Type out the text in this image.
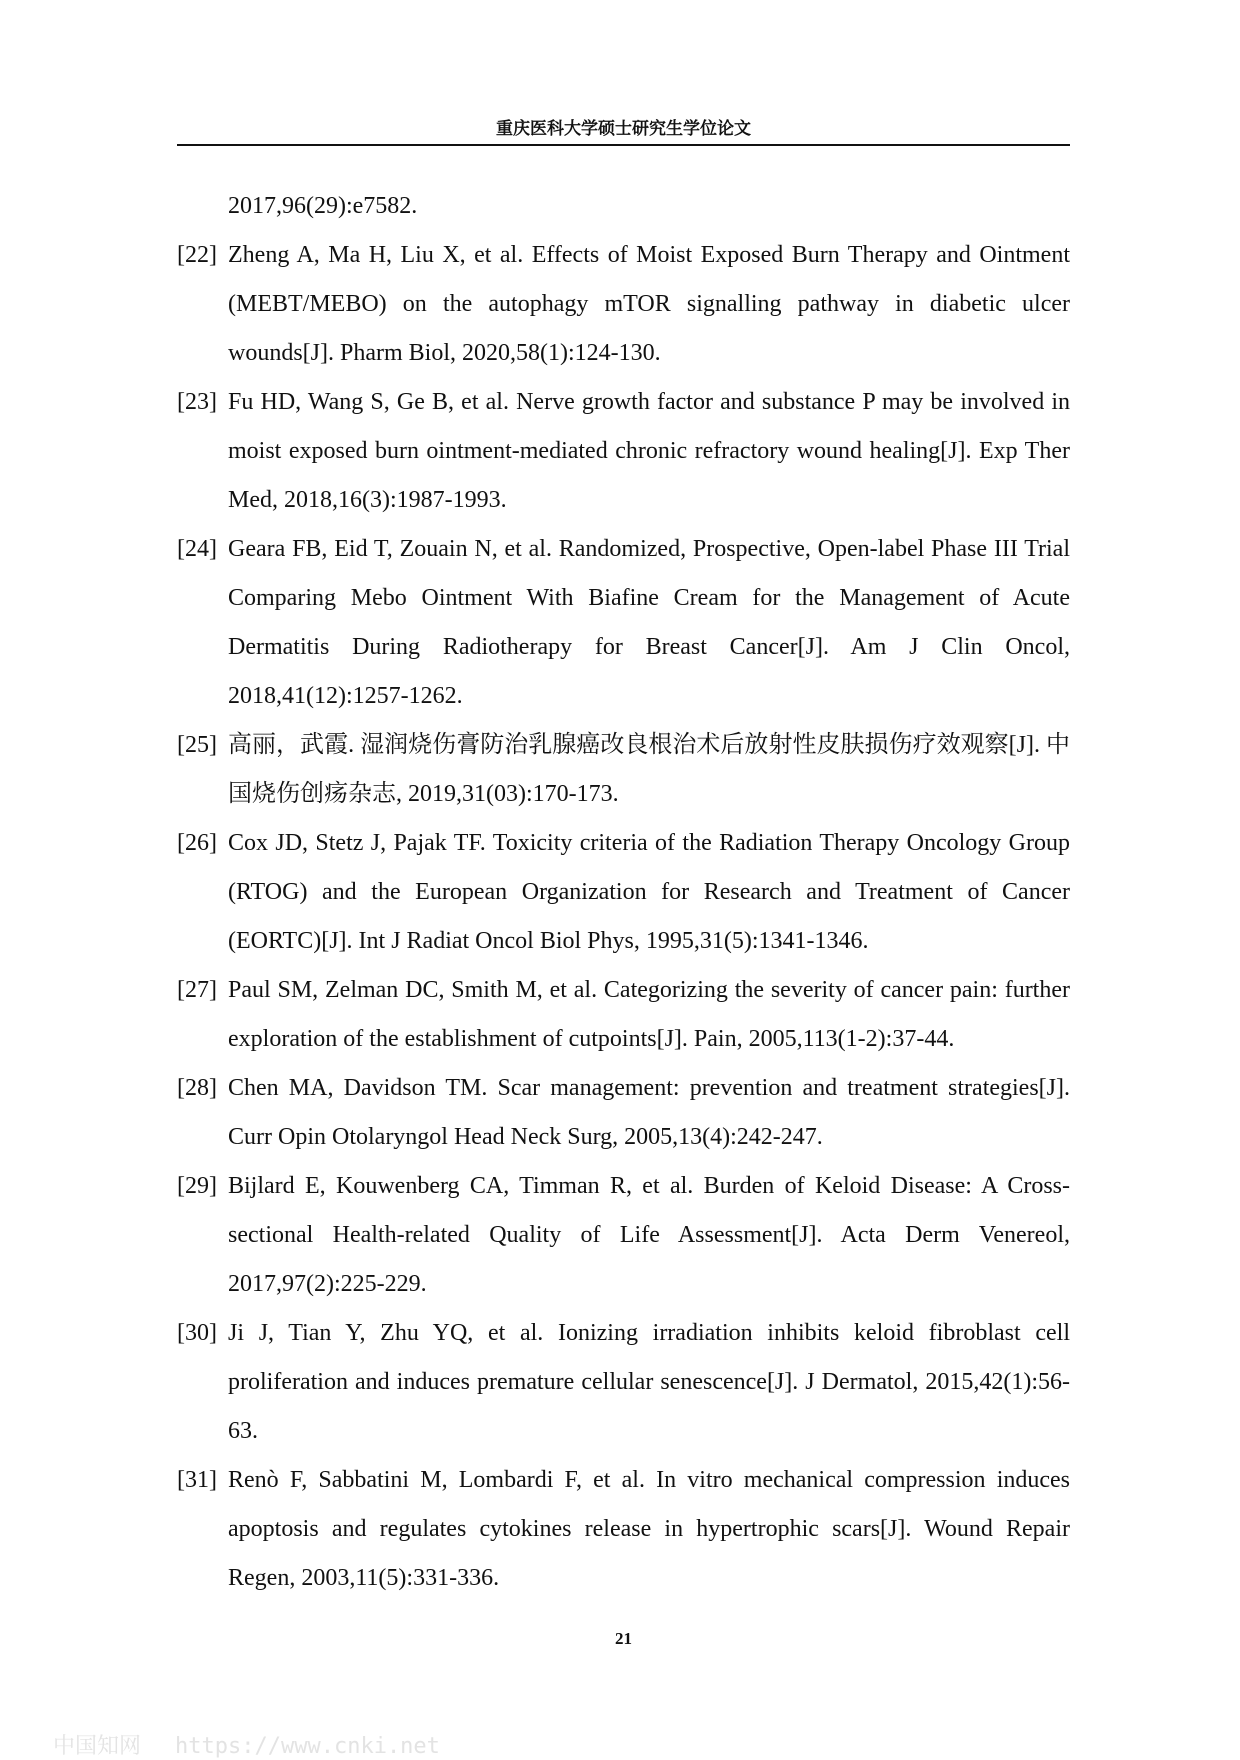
重庆医科大学硕士研究生学位论文
2017,96(29):e7582.
[22] Zheng A, Ma H, Liu X, et al. Effects of Moist Exposed Burn Therapy and Ointment (MEBT/MEBO) on the autophagy mTOR signalling pathway in diabetic ulcer wounds[J]. Pharm Biol, 2020,58(1):124-130.
[23] Fu HD, Wang S, Ge B, et al. Nerve growth factor and substance P may be involved in moist exposed burn ointment-mediated chronic refractory wound healing[J]. Exp Ther Med, 2018,16(3):1987-1993.
[24] Geara FB, Eid T, Zouain N, et al. Randomized, Prospective, Open-label Phase III Trial Comparing Mebo Ointment With Biafine Cream for the Management of Acute Dermatitis During Radiotherapy for Breast Cancer[J]. Am J Clin Oncol, 2018,41(12):1257-1262.
[25] 高丽，武霞. 湿润烧伤膏防治乳腺癌改良根治术后放射性皮肤损伤疗效观察[J]. 中国烧伤创疡杂志, 2019,31(03):170-173.
[26] Cox JD, Stetz J, Pajak TF. Toxicity criteria of the Radiation Therapy Oncology Group (RTOG) and the European Organization for Research and Treatment of Cancer (EORTC)[J]. Int J Radiat Oncol Biol Phys, 1995,31(5):1341-1346.
[27] Paul SM, Zelman DC, Smith M, et al. Categorizing the severity of cancer pain: further exploration of the establishment of cutpoints[J]. Pain, 2005,113(1-2):37-44.
[28] Chen MA, Davidson TM. Scar management: prevention and treatment strategies[J]. Curr Opin Otolaryngol Head Neck Surg, 2005,13(4):242-247.
[29] Bijlard E, Kouwenberg CA, Timman R, et al. Burden of Keloid Disease: A Cross-sectional Health-related Quality of Life Assessment[J]. Acta Derm Venereol, 2017,97(2):225-229.
[30] Ji J, Tian Y, Zhu YQ, et al. Ionizing irradiation inhibits keloid fibroblast cell proliferation and induces premature cellular senescence[J]. J Dermatol, 2015,42(1):56-63.
[31] Renò F, Sabbatini M, Lombardi F, et al. In vitro mechanical compression induces apoptosis and regulates cytokines release in hypertrophic scars[J]. Wound Repair Regen, 2003,11(5):331-336.
21

中国知网 https://www.cnki.net
